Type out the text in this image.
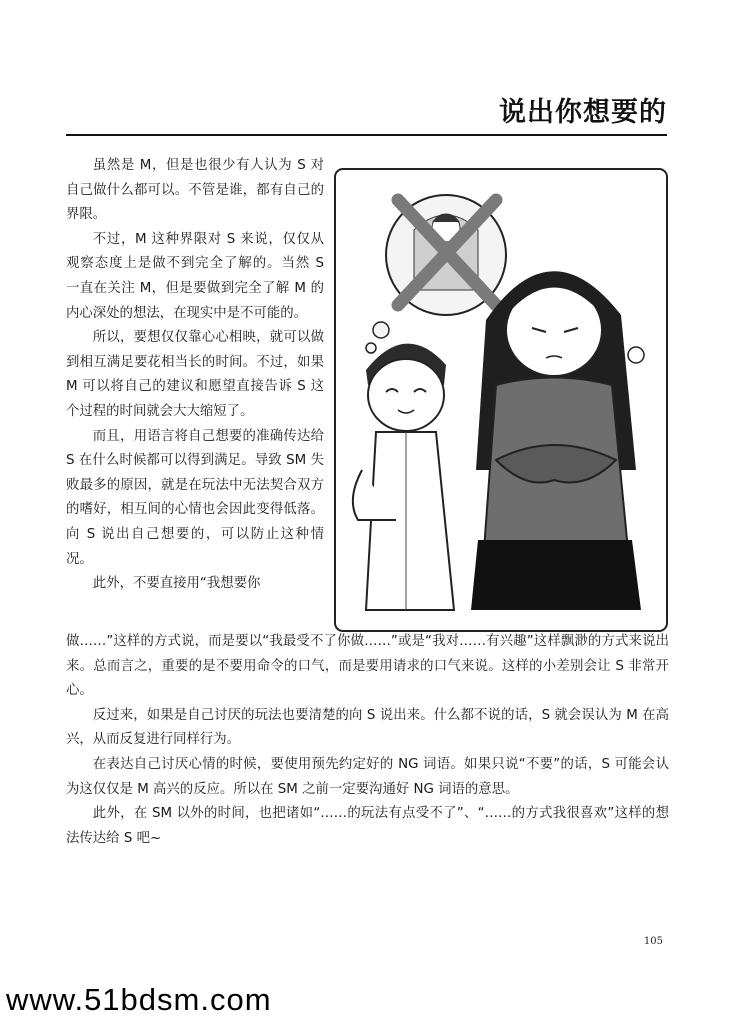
说出你想要的

虽然是 M，但是也很少有人认为 S 对自己做什么都可以。不管是谁，都有自己的界限。

不过，M 这种界限对 S 来说，仅仅从观察态度上是做不到完全了解的。当然 S 一直在关注 M，但是要做到完全了解 M 的内心深处的想法，在现实中是不可能的。

所以，要想仅仅靠心心相映，就可以做到相互满足要花相当长的时间。不过，如果 M 可以将自己的建议和愿望直接告诉 S 这个过程的时间就会大大缩短了。

而且，用语言将自己想要的准确传达给 S 在什么时候都可以得到满足。导致 SM 失败最多的原因，就是在玩法中无法契合双方的嗜好，相互间的心情也会因此变得低落。向 S 说出自己想要的，可以防止这种情况。

此外，不要直接用“我想要你

做……”这样的方式说，而是要以“我最受不了你做……”或是“我对……有兴趣”这样飘渺的方式来说出来。总而言之，重要的是不要用命令的口气，而是要用请求的口气来说。这样的小差别会让 S 非常开心。

反过来，如果是自己讨厌的玩法也要清楚的向 S 说出来。什么都不说的话，S 就会误认为 M 在高兴，从而反复进行同样行为。

在表达自己讨厌心情的时候，要使用预先约定好的 NG 词语。如果只说“不要”的话，S 可能会认为这仅仅是 M 高兴的反应。所以在 SM 之前一定要沟通好 NG 词语的意思。

此外，在 SM 以外的时间，也把诸如“……的玩法有点受不了”、“……的方式我很喜欢”这样的想法传达给 S 吧~

105
www.51bdsm.com
